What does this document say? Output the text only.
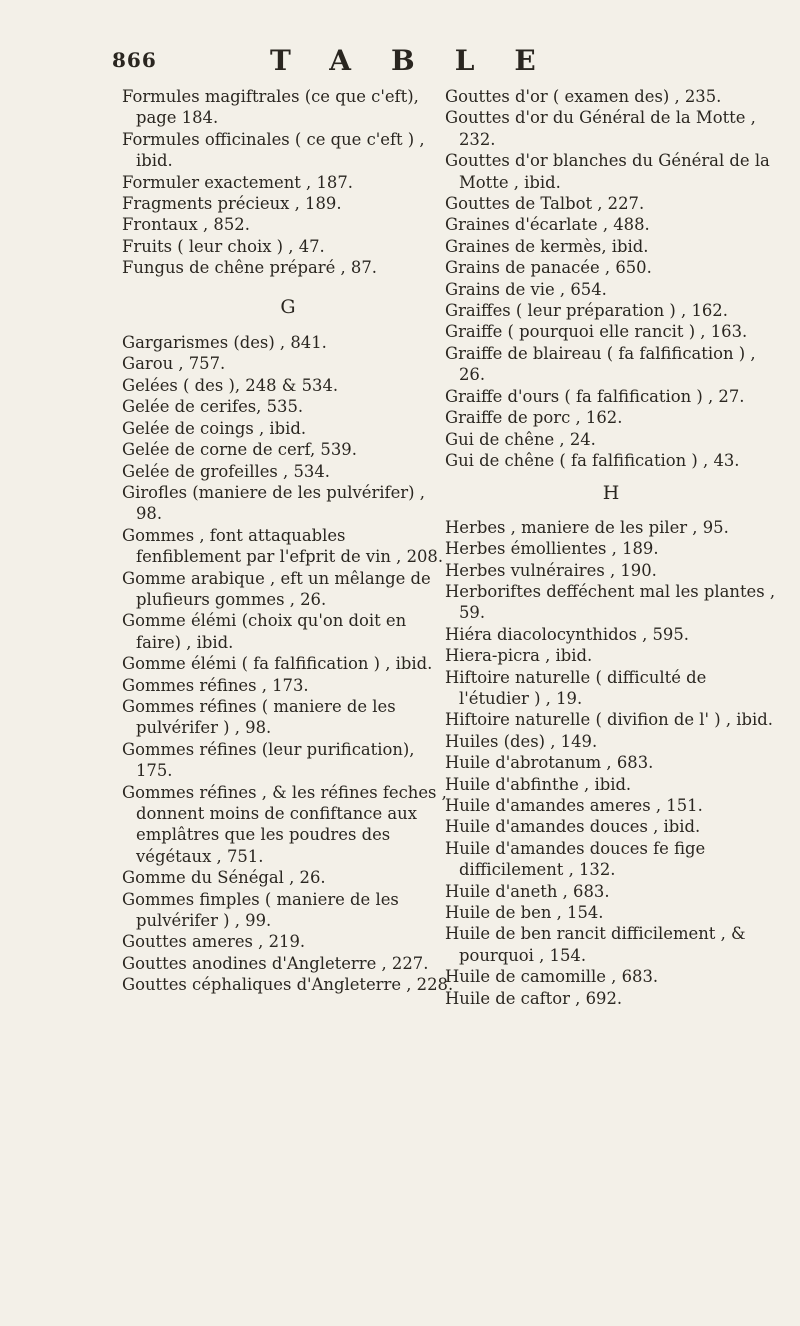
866	TABLE
Formules magiftrales (ce que c'eft), page 184.
Formules officinales ( ce que c'eft ) , ibid.
Formuler exactement , 187.
Fragments précieux , 189.
Frontaux , 852.
Fruits ( leur choix ) , 47.
Fungus de chêne préparé , 87.
G
Gargarismes (des) , 841.
Garou , 757.
Gelées ( des ), 248 & 534.
Gelée de cerifes, 535.
Gelée de coings , ibid.
Gelée de corne de cerf, 539.
Gelée de grofeilles , 534.
Girofles (maniere de les pulvérifer) , 98.
Gommes , font attaquables fenfiblement par l'efprit de vin , 208.
Gomme arabique , eft un mêlange de plufieurs gommes , 26.
Gomme élémi (choix qu'on doit en faire) , ibid.
Gomme élémi ( fa falfification ) , ibid.
Gommes réfines , 173.
Gommes réfines ( maniere de les pulvérifer ) , 98.
Gommes réfines (leur purification), 175.
Gommes réfines , & les réfines feches , donnent moins de confiftance aux emplâtres que les poudres des végétaux , 751.
Gomme du Sénégal , 26.
Gommes fimples ( maniere de les pulvérifer ) , 99.
Gouttes ameres , 219.
Gouttes anodines d'Angleterre , 227.
Gouttes céphaliques d'Angleterre , 228.
Gouttes d'or ( examen des) , 235.
Gouttes d'or du Général de la Motte , 232.
Gouttes d'or blanches du Général de la Motte , ibid.
Gouttes de Talbot , 227.
Graines d'écarlate , 488.
Graines de kermès, ibid.
Grains de panacée , 650.
Grains de vie , 654.
Graiffes ( leur préparation ) , 162.
Graiffe ( pourquoi elle rancit ) , 163.
Graiffe de blaireau ( fa falfification ) , 26.
Graiffe d'ours ( fa falfification ) , 27.
Graiffe de porc , 162.
Gui de chêne , 24.
Gui de chêne ( fa falfification ) , 43.
H
Herbes , maniere de les piler , 95.
Herbes émollientes , 189.
Herbes vulnéraires , 190.
Herboriftes defféchent mal les plantes , 59.
Hiéra diacolocynthidos , 595.
Hiera-picra , ibid.
Hiftoire naturelle ( difficulté de l'étudier ) , 19.
Hiftoire naturelle ( divifion de l' ) , ibid.
Huiles (des) , 149.
Huile d'abrotanum , 683.
Huile d'abfinthe , ibid.
Huile d'amandes ameres , 151.
Huile d'amandes douces , ibid.
Huile d'amandes douces fe fige difficilement , 132.
Huile d'aneth , 683.
Huile de ben , 154.
Huile de ben rancit difficilement , & pourquoi , 154.
Huile de camomille , 683.
Huile de caftor , 692.
